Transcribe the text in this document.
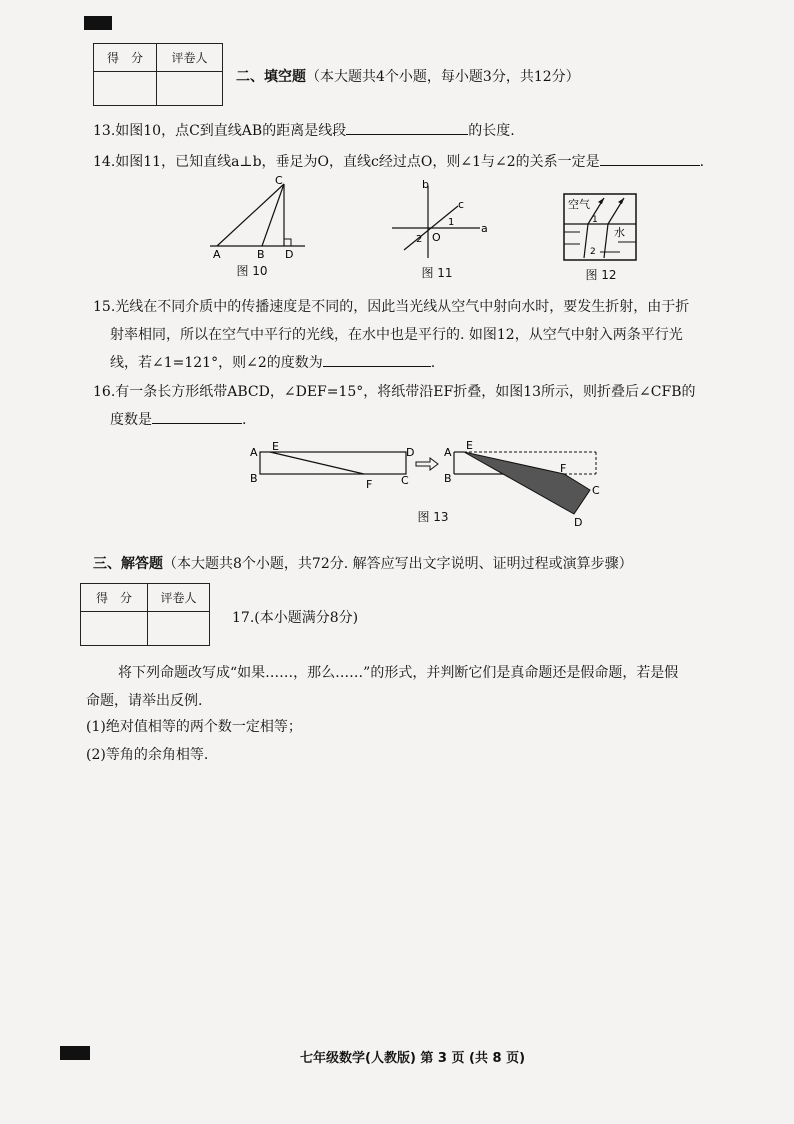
得　分	评卷人

二、填空题（本大题共4个小题，每小题3分，共12分）
13.如图10，点C到直线AB的距离是线段	的长度.
14.如图11，已知直线a⊥b，垂足为O，直线c经过点O，则∠1与∠2的关系一定是	.
C
A	B D
图 10
b
c
a
O
1
2
图 11
空气
水
1
2
图 12
15.光线在不同介质中的传播速度是不同的，因此当光线从空气中射向水时，要发生折射，由于折
射率相同，所以在空气中平行的光线，在水中也是平行的. 如图12，从空气中射入两条平行光
线，若∠1=121°，则∠2的度数为	.
16.有一条长方形纸带ABCD，∠DEF=15°，将纸带沿EF折叠，如图13所示，则折叠后∠CFB的
度数是	.
A
B
E	D
C
F
A
B
E
F
C
D
图 13
三、解答题（本大题共8个小题，共72分. 解答应写出文字说明、证明过程或演算步骤）
得　分	评卷人

17.(本小题满分8分)
将下列命题改写成“如果……，那么……”的形式，并判断它们是真命题还是假命题，若是假
命题，请举出反例.
(1)绝对值相等的两个数一定相等；
(2)等角的余角相等.
七年级数学(人教版) 第 3 页 (共 8 页)
